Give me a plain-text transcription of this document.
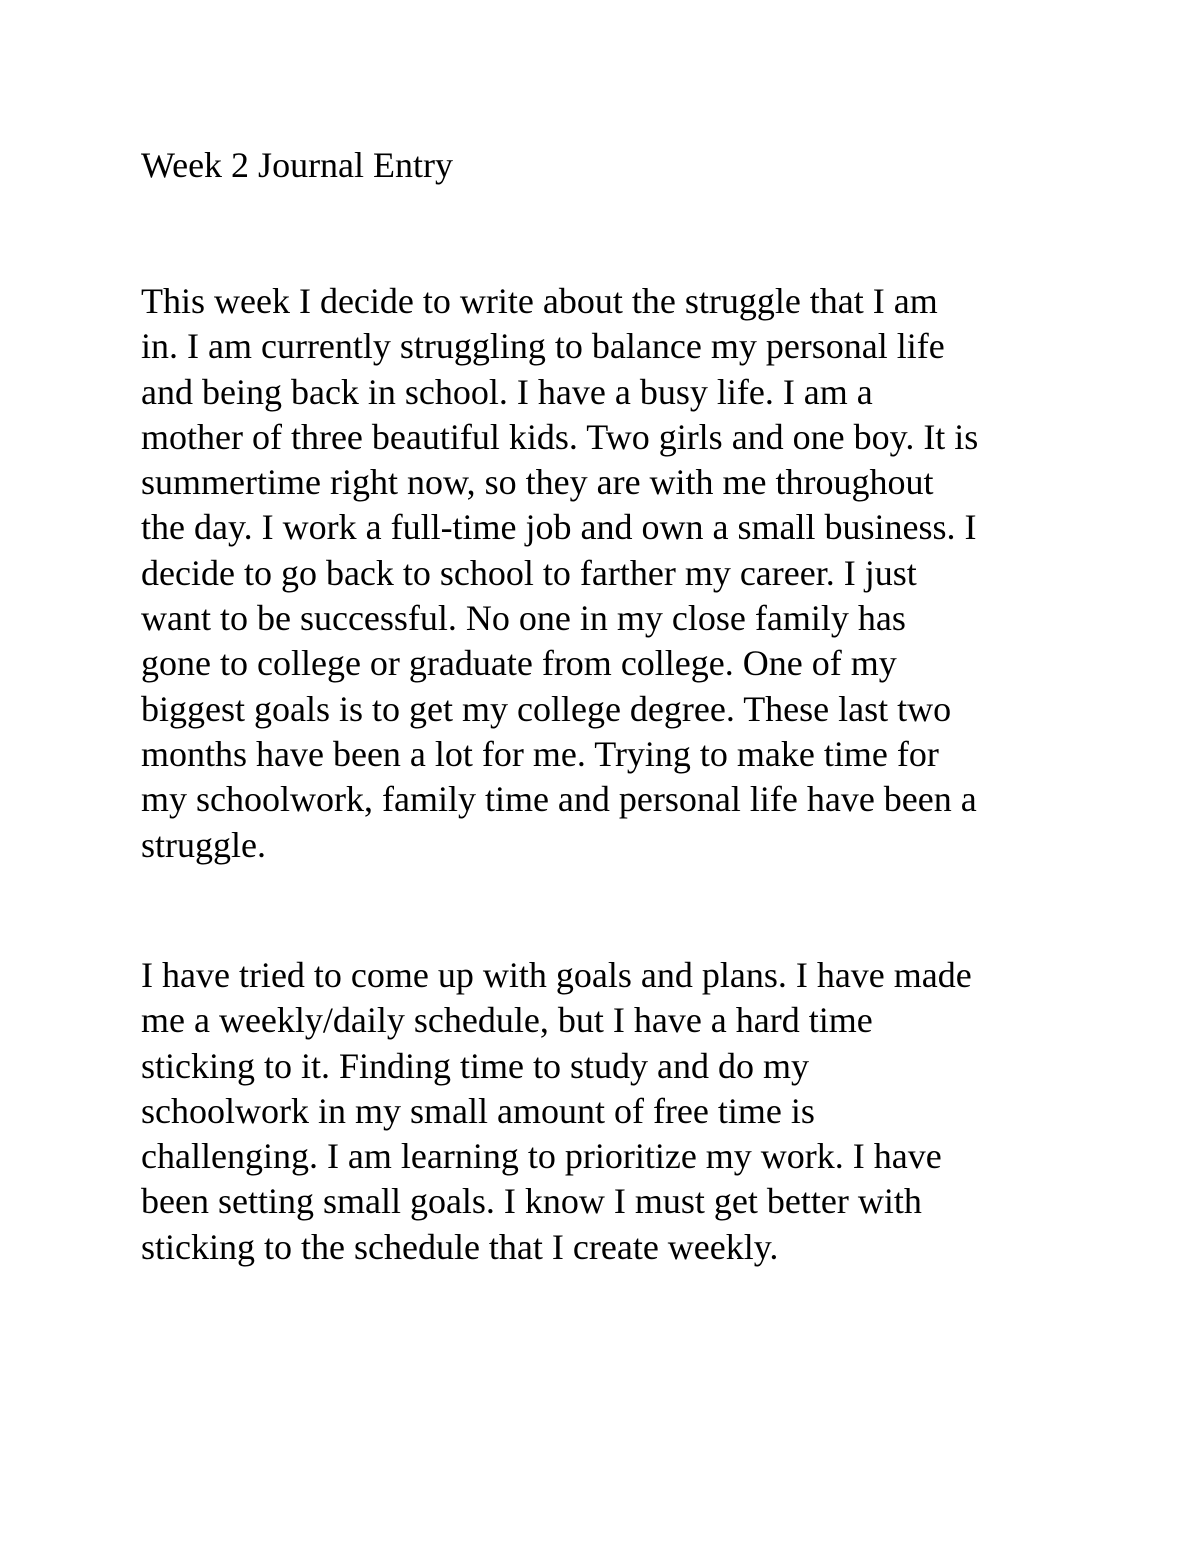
Week 2 Journal Entry
This week I decide to write about the struggle that I am
in. I am currently struggling to balance my personal life
and being back in school. I have a busy life. I am a
mother of three beautiful kids. Two girls and one boy. It is
summertime right now, so they are with me throughout
the day. I work a full-time job and own a small business. I
decide to go back to school to farther my career. I just
want to be successful. No one in my close family has
gone to college or graduate from college. One of my
biggest goals is to get my college degree. These last two
months have been a lot for me. Trying to make time for
my schoolwork, family time and personal life have been a
struggle.
I have tried to come up with goals and plans. I have made
me a weekly/daily schedule, but I have a hard time
sticking to it. Finding time to study and do my
schoolwork in my small amount of free time is
challenging. I am learning to prioritize my work. I have
been setting small goals. I know I must get better with
sticking to the schedule that I create weekly.
